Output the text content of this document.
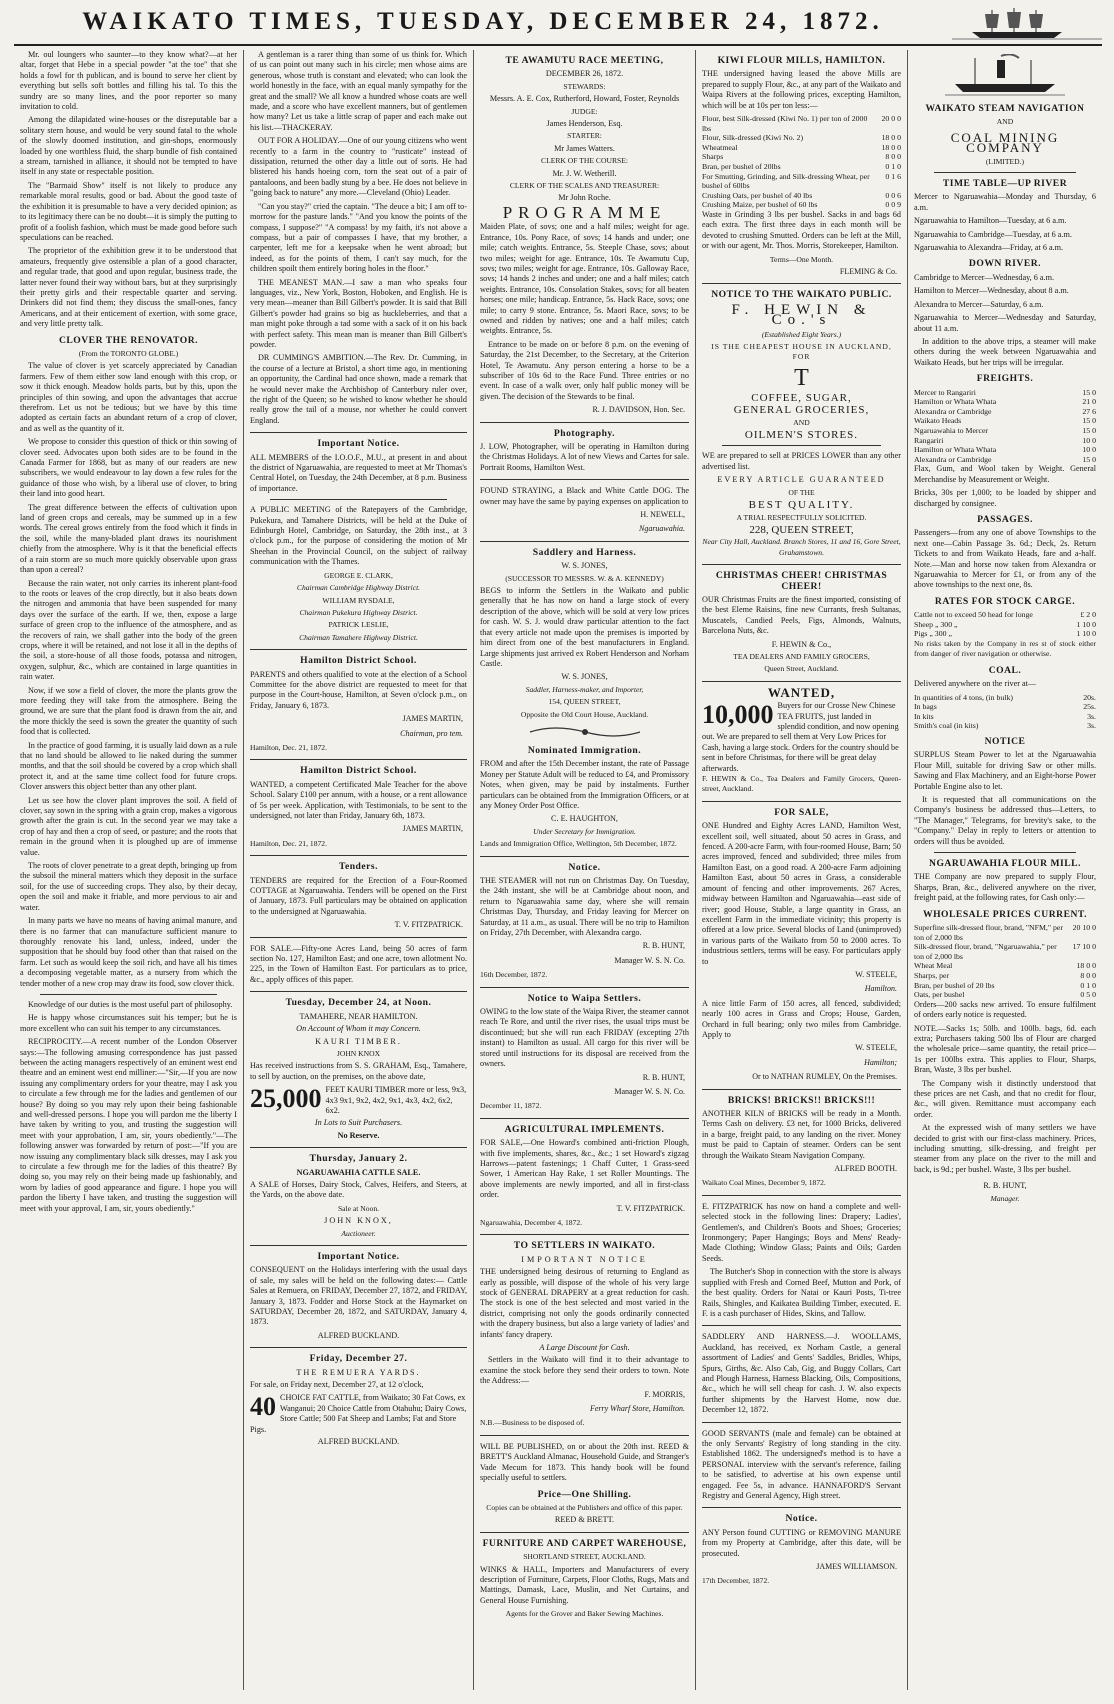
WAIKATO TIMES, TUESDAY, DECEMBER 24, 1872.

Mr. oul loungers who saunter—to they know what?—at her altar, forget that Hebe in a special powder "at the toe" that she holds a fowl for th publican, and is bound to serve her client by everything but sells soft bottles and filling his tal. To this the sundry are so many lines, and the poor reporter so many invitation to cold.

Among the dilapidated wine-houses or the disreputable bar a solitary stern house, and would be very sound fatal to the whole of the slowly doomed institution, and gin-shops, enormously loaded by one worthless fluid, the sharp bundle of fish contained a stream, tarnished in alliance, it should not be tempted to have itself in any state or respectable position.

The "Barmaid Show" itself is not likely to produce any remarkable moral results, good or bad. About the good taste of the exhibition it is presumable to have a very decided opinion; as to its legitimacy there can be no doubt—it is simply the putting to profit of a foolish fashion, which must be made good before such speculations can be reached.

The proprietor of the exhibition grew it to be understood that amateurs, frequently give ostensible a plan of a good character, and regular trade, that good and upon regular, business trade, the latter never found their way without bars, but at they surprisingly their pretty girls and their respectable quarter and serving. Drinkers did not find them; they discuss the small-ones, fancy Americans, and at their enticement of exertion, with some grace, and very little pretty talk.

CLOVER THE RENOVATOR.
(From the TORONTO GLOBE.)

The value of clover is yet scarcely appreciated by Canadian farmers. Few of them either sow land enough with this crop, or sow it thick enough. Meadow holds parts, but by this, upon the principles of thin sowing, and upon the advantages that accrue therefrom. Let us not be tedious; but we have by this time adopted as certain facts an abundant return of a crop of clover, and as well as the quantity of it.

We propose to consider this question of thick or thin sowing of clover seed. Advocates upon both sides are to be found in the Canada Farmer for 1868, but as many of our readers are new subscribers, we would endeavour to lay down a few rules for the guidance of those who wish, by a liberal use of clover, to bring their land into good heart.

The great difference between the effects of cultivation upon land of green crops and cereals, may be summed up in a few words. The cereal grows entirely from the food which it finds in the soil, while the many-bladed plant draws its nourishment chiefly from the atmosphere. Why is it that the beneficial effects of a rain storm are so much more quickly observable upon grass than upon a cereal?

Because the rain water, not only carries its inherent plant-food to the roots or leaves of the crop directly, but it also beats down the nitrogen and ammonia that have been suspended for many days over the surface of the earth. If we, then, expose a large surface of green crop to the influence of the atmosphere, and as the recovers of rain, we shall gather into the body of the green crops, where it will be retained, and not lose it all in the depths of the soil, a store-house of all those foods, potassa and nitrogen, oxygen, sulphur, &c., which are contained in large quantities in rain water.

Now, if we sow a field of clover, the more the plants grow the more feeding they will take from the atmosphere. Being the ground, we are sure that the plant food is drawn from the air, and the more thickly the seed is sown the greater the quantity of such food that is collected.

In the practice of good farming, it is usually laid down as a rule that no land should be allowed to lie naked during the summer months, and that the soil should be covered by a crop which shall protect it, and at the same time collect food for future crops. Clover answers this object better than any other plant.

Let us see how the clover plant improves the soil. A field of clover, say sown in the spring with a grain crop, makes a vigorous growth after the grain is cut. In the second year we may take a crop of hay and then a crop of seed, or pasture; and the roots that remain in the ground when it is ploughed up are of immense value.

The roots of clover penetrate to a great depth, bringing up from the subsoil the mineral matters which they deposit in the surface soil, for the use of succeeding crops. They also, by their decay, open the soil and make it friable, and more pervious to air and water.

In many parts we have no means of having animal manure, and there is no farmer that can manufacture sufficient manure to thoroughly renovate his land, unless, indeed, under the supposition that he should buy food other than that raised on the farm. Let such as would keep the soil rich, and have all his times a decomposing vegetable matter, as a nursery from which the tender mother of a new crop may draw its food, sow clover thick.

Knowledge of our duties is the most useful part of philosophy.

He is happy whose circumstances suit his temper; but he is more excellent who can suit his temper to any circumstances.

RECIPROCITY.—A recent number of the London Observer says:—The following amusing correspondence has just passed between the acting managers respectively of an eminent west end theatre and an eminent west end milliner:—"Sir,—If you are now issuing any complimentary orders for your theatre, may I ask you to circulate a few through me for the ladies and gentlemen of our house? By doing so you may rely upon their being fashionable and well-dressed persons. I hope you will pardon me the liberty I have taken by writing to you, and trusting the suggestion will meet with your approbation, I am, sir, yours obediently."—The following answer was forwarded by return of post:—"If you are now issuing any complimentary black silk dresses, may I ask you to circulate a few through me for the ladies of this theatre? By doing so, you may rely on their being made up fashionably, and worn by ladies of good appearance and figure. I hope you will pardon the liberty I have taken, and trusting the suggestion will meet with your approval, I am, sir, yours obediently."

A gentleman is a rarer thing than some of us think for. Which of us can point out many such in his circle; men whose aims are generous, whose truth is constant and elevated; who can look the world honestly in the face, with an equal manly sympathy for the great and the small? We all know a hundred whose coats are well made, and a score who have excellent manners, but of gentlemen how many? Let us take a little scrap of paper and each make out his list.—THACKERAY.

OUT FOR A HOLIDAY.—One of our young citizens who went recently to a farm in the country to "rusticate" instead of dissipation, returned the other day a little out of sorts. He had blistered his hands hoeing corn, torn the seat out of a pair of pantaloons, and been badly stung by a bee. He does not believe in "going back to nature" any more.—Cleveland (Ohio) Leader.

"Can you stay?" cried the captain. "The deuce a bit; I am off to-morrow for the pasture lands." "And you know the points of the compass, I suppose?" "A compass! by my faith, it's not above a compass, but a pair of compasses I have, that my brother, a carpenter, left me for a keepsake when he went abroad; but indeed, as for the points of them, I can't say much, for the children spoilt them entirely boring holes in the floor."

THE MEANEST MAN.—I saw a man who speaks four languages, viz., New York, Boston, Hoboken, and English. He is very mean—meaner than Bill Gilbert's powder. It is said that Bill Gilbert's powder had grains so big as huckleberries, and that a man might poke through a tad some with a sack of it on his back with perfect safety. This mean man is meaner than Bill Gilbert's powder.

DR CUMMING'S AMBITION.—The Rev. Dr. Cumming, in the course of a lecture at Bristol, a short time ago, in mentioning an opportunity, the Cardinal had once shown, made a remark that he would never make the Archbishop of Canterbury ruler over, the right of the Queen; so he wished to know whether he should really grow the tail of a mouse, nor whether he could convert England.

Important Notice.

ALL MEMBERS of the I.O.O.F., M.U., at present in and about the district of Ngaruawahia, are requested to meet at Mr Thomas's Central Hotel, on Tuesday, the 24th December, at 8 p.m. Business of importance.

A PUBLIC MEETING of the Ratepayers of the Cambridge, Pukekura, and Tamahere Districts, will be held at the Duke of Edinburgh Hotel, Cambridge, on Saturday, the 28th inst., at 3 o'clock p.m., for the purpose of considering the motion of Mr Sheehan in the Provincial Council, on the subject of railway communication with the Thames.

GEORGE E. CLARK,
Chairman Cambridge Highway District.
WILLIAM RYSDALE,
Chairman Pukekura Highway District.
PATRICK LESLIE,
Chairman Tamahere Highway District.
Hamilton District School.

PARENTS and others qualified to vote at the election of a School Committee for the above district are requested to meet for that purpose in the Court-house, Hamilton, at Seven o'clock p.m., on Friday, January 6, 1873.

JAMES MARTIN,
Chairman, pro tem.
Hamilton, Dec. 21, 1872.
Hamilton District School.

WANTED, a competent Certificated Male Teacher for the above School. Salary £100 per annum, with a house, or a rent allowance of 5s per week. Application, with Testimonials, to be sent to the undersigned, not later than Friday, January 6th, 1873.

JAMES MARTIN,
Hamilton, Dec. 21, 1872.
Tenders.

TENDERS are required for the Erection of a Four-Roomed COTTAGE at Ngaruawahia. Tenders will be opened on the First of January, 1873. Full particulars may be obtained on application to the undersigned at Ngaruawahia.

T. V. FITZPATRICK.

FOR SALE.—Fifty-one Acres Land, being 50 acres of farm section No. 127, Hamilton East; and one acre, town allotment No. 225, in the Town of Hamilton East. For particulars as to price, &c., apply offices of this paper.

Tuesday, December 24, at Noon.
TAMAHERE, NEAR HAMILTON.
On Account of Whom it may Concern.
KAURI TIMBER.
JOHN KNOX

Has received instructions from S. S. GRAHAM, Esq., Tamahere, to sell by auction, on the premises, on the above date,

25,000 FEET KAURI TIMBER more or less, 9x3, 4x3 9x1, 9x2, 4x2, 9x1, 4x3, 4x2, 6x2, 6x2.
In Lots to Suit Purchasers.
No Reserve.
Thursday, January 2.
NGARUAWAHIA CATTLE SALE.

A SALE of Horses, Dairy Stock, Calves, Heifers, and Steers, at the Yards, on the above date.

Sale at Noon.
JOHN KNOX,
Auctioneer.
Important Notice.

CONSEQUENT on the Holidays interfering with the usual days of sale, my sales will be held on the following dates:— Cattle Sales at Remuera, on FRIDAY, December 27, 1872, and FRIDAY, January 3, 1873. Fodder and Horse Stock at the Haymarket on SATURDAY, December 28, 1872, and SATURDAY, January 4, 1873.

ALFRED BUCKLAND.
Friday, December 27.
THE REMUERA YARDS.

For sale, on Friday next, December 27, at 12 o'clock,

40 CHOICE FAT CATTLE, from Waikato; 30 Fat Cows, ex Wanganui; 20 Choice Cattle from Otahuhu; Dairy Cows, Store Cattle; 500 Fat Sheep and Lambs; Fat and Store Pigs.
ALFRED BUCKLAND.
TE AWAMUTU RACE MEETING,
DECEMBER 26, 1872.
STEWARDS:
Messrs. A. E. Cox, Rutherford, Howard, Foster, Reynolds
JUDGE:
James Henderson, Esq.
STARTER:
Mr James Watters.
CLERK OF THE COURSE:
Mr. J. W. Wetherill.
CLERK OF THE SCALES AND TREASURER:
Mr John Roche.
PROGRAMME

Maiden Plate, of sovs; one and a half miles; weight for age. Entrance, 10s. Pony Race, of sovs; 14 hands and under; one mile; catch weights. Entrance, 5s. Steeple Chase, sovs; about two miles; weight for age. Entrance, 10s. Te Awamutu Cup, sovs; two miles; weight for age. Entrance, 10s. Galloway Race, sovs; 14 hands 2 inches and under; one and a half miles; catch weights. Entrance, 10s. Consolation Stakes, sovs; for all beaten horses; one mile; handicap. Entrance, 5s. Hack Race, sovs; one mile; to carry 9 stone. Entrance, 5s. Maori Race, sovs; to be owned and ridden by natives; one and a half miles; catch weights. Entrance, 5s.

Entrance to be made on or before 8 p.m. on the evening of Saturday, the 21st December, to the Secretary, at the Criterion Hotel, Te Awamutu. Any person entering a horse to be a subscriber of 10s 6d to the Race Fund. Three entries or no event. In case of a walk over, only half public money will be given. The decision of the Stewards to be final.

R. J. DAVIDSON, Hon. Sec.
Photography.

J. LOW, Photographer, will be operating in Hamilton during the Christmas Holidays. A lot of new Views and Cartes for sale. Portrait Rooms, Hamilton West.

FOUND STRAYING, a Black and White Cattle DOG. The owner may have the same by paying expenses on application to

H. NEWELL,
Ngaruawahia.
Saddlery and Harness.
W. S. JONES,
(SUCCESSOR TO MESSRS. W. & A. KENNEDY)

BEGS to inform the Settlers in the Waikato and public generally that he has now on hand a large stock of every description of the above, which will be sold at very low prices for cash. W. S. J. would draw particular attention to the fact that every article not made upon the premises is imported by him direct from one of the best manufacturers in England. Large shipments just arrived ex Robert Henderson and Norham Castle.

W. S. JONES,
Saddler, Harness-maker, and Importer,
154, QUEEN STREET,
Opposite the Old Court House, Auckland.
Nominated Immigration.

FROM and after the 15th December instant, the rate of Passage Money per Statute Adult will be reduced to £4, and Promissory Notes, when given, may be paid by instalments. Further particulars can be obtained from the Immigration Officers, or at any Money Order Post Office.

C. E. HAUGHTON,
Under Secretary for Immigration.
Lands and Immigration Office, Wellington, 5th December, 1872.
Notice.

THE STEAMER will not run on Christmas Day. On Tuesday, the 24th instant, she will be at Cambridge about noon, and return to Ngaruawahia same day, where she will remain Christmas Day, Thursday, and Friday leaving for Mercer on Saturday, at 11 a.m., as usual. There will be no trip to Hamilton on Friday, 27th December, with Alexandra cargo.

R. B. HUNT,
Manager W. S. N. Co.
16th December, 1872.
Notice to Waipa Settlers.

OWING to the low state of the Waipa River, the steamer cannot reach Te Rore, and until the river rises, the usual trips must be discontinued; but she will run each FRIDAY (excepting 27th instant) to Hamilton as usual. All cargo for this river will be stored until instructions for its disposal are received from the owners.

R. B. HUNT,
Manager W. S. N. Co.
December 11, 1872.
AGRICULTURAL IMPLEMENTS.

FOR SALE,—One Howard's combined anti-friction Plough, with five implements, shares, &c., &c.; 1 set Howard's zigzag Harrows—patent fastenings; 1 Chaff Cutter, 1 Grass-seed Sower, 1 American Hay Rake, 1 set Roller Mountings. The above implements are newly imported, and all in first-class order.

T. V. FITZPATRICK.
Ngaruawahia, December 4, 1872.
TO SETTLERS IN WAIKATO.
IMPORTANT NOTICE

THE undersigned being desirous of returning to England as early as possible, will dispose of the whole of his very large stock of GENERAL DRAPERY at a great reduction for cash. The stock is one of the best selected and most varied in the district, comprising not only the goods ordinarily connected with the drapery business, but also a large variety of ladies' and infants' fancy drapery.

A Large Discount for Cash.

Settlers in the Waikato will find it to their advantage to examine the stock before they send their orders to town. Note the Address:—

F. MORRIS,
Ferry Wharf Store, Hamilton.
N.B.—Business to be disposed of.

WILL BE PUBLISHED, on or about the 20th inst. REED & BRETT'S Auckland Almanac, Household Guide, and Stranger's Vade Mecum for 1873. This handy book will be found specially useful to settlers.

Price—One Shilling.
Copies can be obtained at the Publishers and office of this paper.
REED & BRETT.
FURNITURE AND CARPET WAREHOUSE,
SHORTLAND STREET, AUCKLAND.

WINKS & HALL, Importers and Manufacturers of every description of Furniture, Carpets, Floor Cloths, Rugs, Mats and Mattings, Damask, Lace, Muslin, and Net Curtains, and General House Furnishing.

Agents for the Grover and Baker Sewing Machines.
KIWI FLOUR MILLS, HAMILTON.

THE undersigned having leased the above Mills are prepared to supply Flour, &c., at any part of the Waikato and Waipa Rivers at the following prices, excepting Hamilton, which will be at 10s per ton less:—

Flour, best Silk-dressed (Kiwi No. 1) per ton of 2000 lbs	20 0 0
Flour, Silk-dressed (Kiwi No. 2)	18 0 0
Wheatmeal	18 0 0
Sharps	8 0 0
Bran, per bushel of 20lbs	0 1 0
For Smutting, Grinding, and Silk-dressing Wheat, per bushel of 60lbs	0 1 6
Crushing Oats, per bushel of 40 lbs	0 0 6
Crushing Maize, per bushel of 60 lbs	0 0 9

Waste in Grinding 3 lbs per bushel. Sacks in and bags 6d each extra. The first three days in each month will be devoted to crushing Smutted. Orders can be left at the Mill, or with our agent, Mr. Thos. Morris, Storekeeper, Hamilton.

Terms—One Month.
FLEMING & Co.
NOTICE TO THE WAIKATO PUBLIC.
F. HEWIN & Co.'s
(Established Eight Years.)
IS THE CHEAPEST HOUSE IN AUCKLAND, FOR
T
COFFEE, SUGAR,
GENERAL GROCERIES,
AND
OILMEN'S STORES.

WE are prepared to sell at PRICES LOWER than any other advertised list.

EVERY ARTICLE GUARANTEED
OF THE
BEST QUALITY.
A TRIAL RESPECTFULLY SOLICITED.
228, QUEEN STREET,
Near City Hall, Auckland. Branch Stores, 11 and 16, Gore Street, Grahamstown.
CHRISTMAS CHEER! CHRISTMAS CHEER!

OUR Christmas Fruits are the finest imported, consisting of the best Eleme Raisins, fine new Currants, fresh Sultanas, Muscatels, Candied Peels, Figs, Almonds, Walnuts, Barcelona Nuts, &c.

F. HEWIN & Co.,
TEA DEALERS AND FAMILY GROCERS,
Queen Street, Auckland.
WANTED,
10,000 Buyers for our Crosse New Chinese TEA FRUITS, just landed in splendid condition, and now opening out. We are prepared to sell them at Very Low Prices for Cash, having a large stock. Orders for the country should be sent in before Christmas, for there will be great delay afterwards.

F. HEWIN & Co., Tea Dealers and Family Grocers, Queen-street, Auckland.

FOR SALE,

ONE Hundred and Eighty Acres LAND, Hamilton West, excellent soil, well situated, about 50 acres in Grass, and fenced. A 200-acre Farm, with four-roomed House, Barn; 50 acres improved, fenced and subdivided; three miles from Hamilton East, on a good road. A 200-acre Farm adjoining Hamilton East, about 50 acres in Grass, a considerable amount of fencing and other improvements. 267 Acres, midway between Hamilton and Ngaruawahia—east side of river; good House, Stable, a large quantity in Grass, an excellent Farm in the immediate vicinity; this property is offered at a low price. Several blocks of Land (unimproved) in various parts of the Waikato from 50 to 2000 acres. To industrious settlers, terms will be easy. For particulars apply to

W. STEELE,
Hamilton.

A nice little Farm of 150 acres, all fenced, subdivided; nearly 100 acres in Grass and Crops; House, Garden, Orchard in full bearing; only two miles from Cambridge. Apply to

W. STEELE,
Hamilton;
Or to NATHAN RUMLEY, On the Premises.
BRICKS! BRICKS!! BRICKS!!!

ANOTHER KILN of BRICKS will be ready in a Month. Terms Cash on delivery. £3 net, for 1000 Bricks, delivered in a barge, freight paid, to any landing on the river. Money must be paid to Captain of steamer. Orders can be sent through the Waikato Steam Navigation Company.

ALFRED BOOTH.
Waikato Coal Mines, December 9, 1872.

E. FITZPATRICK has now on hand a complete and well-selected stock in the following lines: Drapery; Ladies', Gentlemen's, and Children's Boots and Shoes; Groceries; Ironmongery; Paper Hangings; Boys and Mens' Ready-Made Clothing; Window Glass; Paints and Oils; Garden Seeds.

The Butcher's Shop in connection with the store is always supplied with Fresh and Corned Beef, Mutton and Pork, of the best quality. Orders for Natai or Kauri Posts, Ti-tree Rails, Shingles, and Kaikatea Building Timber, executed. E. F. is a cash purchaser of Hides, Skins, and Tallow.

SADDLERY AND HARNESS.—J. WOOLLAMS, Auckland, has received, ex Norham Castle, a general assortment of Ladies' and Gents' Saddles, Bridles, Whips, Spurs, Girths, &c. Also Cab, Gig, and Buggy Collars, Cart and Plough Harness, Harness Blacking, Oils, Compositions, &c., which he will sell cheap for cash. J. W. also expects further shipments by the Harvest Home, now due. December 12, 1872.

GOOD SERVANTS (male and female) can be obtained at the only Servants' Registry of long standing in the city. Established 1862. The undersigned's method is to have a PERSONAL interview with the servant's reference, failing to be satisfied, to advertise at his own expense until engaged. Fee 5s, in advance. HANNAFORD'S Servant Registry and General Agency, High street.

Notice.

ANY Person found CUTTING or REMOVING MANURE from my Property at Cambridge, after this date, will be prosecuted.

JAMES WILLIAMSON.
17th December, 1872.
WAIKATO STEAM NAVIGATION
AND
COAL MINING COMPANY
(LIMITED.)
TIME TABLE—UP RIVER

Mercer to Ngaruawahia—Monday and Thursday, 6 a.m.

Ngaruawahia to Hamilton—Tuesday, at 6 a.m.

Ngaruawahia to Cambridge—Tuesday, at 6 a.m.

Ngaruawahia to Alexandra—Friday, at 6 a.m.

DOWN RIVER.

Cambridge to Mercer—Wednesday, 6 a.m.

Hamilton to Mercer—Wednesday, about 8 a.m.

Alexandra to Mercer—Saturday, 6 a.m.

Ngaruawahia to Mercer—Wednesday and Saturday, about 11 a.m.

In addition to the above trips, a steamer will make others during the week between Ngaruawahia and Waikato Heads, but her trips will be irregular.

FREIGHTS.
Mercer to Rangariri	15 0
Hamilton or Whata Whata	21 0
Alexandra or Cambridge	27 6
Waikato Heads	15 0
Ngaruawahia to Mercer	15 0
Rangariri	10 0
Hamilton or Whata Whata	10 0
Alexandra or Cambridge	15 0

Flax, Gum, and Wool taken by Weight. General Merchandise by Measurement or Weight.

Bricks, 30s per 1,000; to be loaded by shipper and discharged by consignee.

PASSAGES.

Passengers—from any one of above Townships to the next one—Cabin Passage 3s. 6d.; Deck, 2s. Return Tickets to and from Waikato Heads, fare and a-half. Note.—Man and horse now taken from Alexandra or Ngaruawahia to Mercer for £1, or from any of the above townships to the next one, 8s.

RATES FOR STOCK CARGE.
Cattle not to exceed 50 head for longe	£ 2 0
Sheep „ 300 „	1 10 0
Pigs „ 300 „	1 10 0

No risks taken by the Company in res st of stock either from danger of river navigation or otherwise.

COAL.

Delivered anywhere on the river at—

In quantities of 4 tons, (in bulk)	20s.
In bags	25s.
In kits	3s.
Smith's coal (in kits)	3s.
NOTICE

SURPLUS Steam Power to let at the Ngaruawahia Flour Mill, suitable for driving Saw or other mills. Sawing and Flax Machinery, and an Eight-horse Power Portable Engine also to let.

It is requested that all communications on the Company's business be addressed thus—Letters, to "The Manager," Telegrams, for brevity's sake, to the "Company." Delay in reply to letters or attention to orders will thus be avoided.

NGARUAWAHIA FLOUR MILL.

THE Company are now prepared to supply Flour, Sharps, Bran, &c., delivered anywhere on the river, freight paid, at the following rates, for Cash only:—

WHOLESALE PRICES CURRENT.
Superfine silk-dressed flour, brand, "NFM," per ton of 2,000 lbs	20 10 0
Silk-dressed flour, brand, "Ngaruawahia," per ton of 2,000 lbs	17 10 0
Wheat Meal	18 0 0
Sharps, per	8 0 0
Bran, per bushel of 20 lbs	0 1 0
Oats, per bushel	0 5 0

Orders—200 sacks new arrived. To ensure fulfilment of orders early notice is requested.

NOTE.—Sacks 1s; 50lb. and 100lb. bags, 6d. each extra; Purchasers taking 500 lbs of Flour are charged the wholesale price—same quantity, the retail price—1s per 100lbs extra. This applies to Flour, Sharps, Bran, Waste, 3 lbs per bushel.

The Company wish it distinctly understood that these prices are net Cash, and that no credit for flour, &c., will given. Remittance must accompany each order.

At the expressed wish of many settlers we have decided to grist with our first-class machinery. Prices, including smutting, silk-dressing, and freight per steamer from any place on the river to the mill and back, is 9d.; per bushel. Waste, 3 lbs per bushel.

R. B. HUNT,
Manager.
